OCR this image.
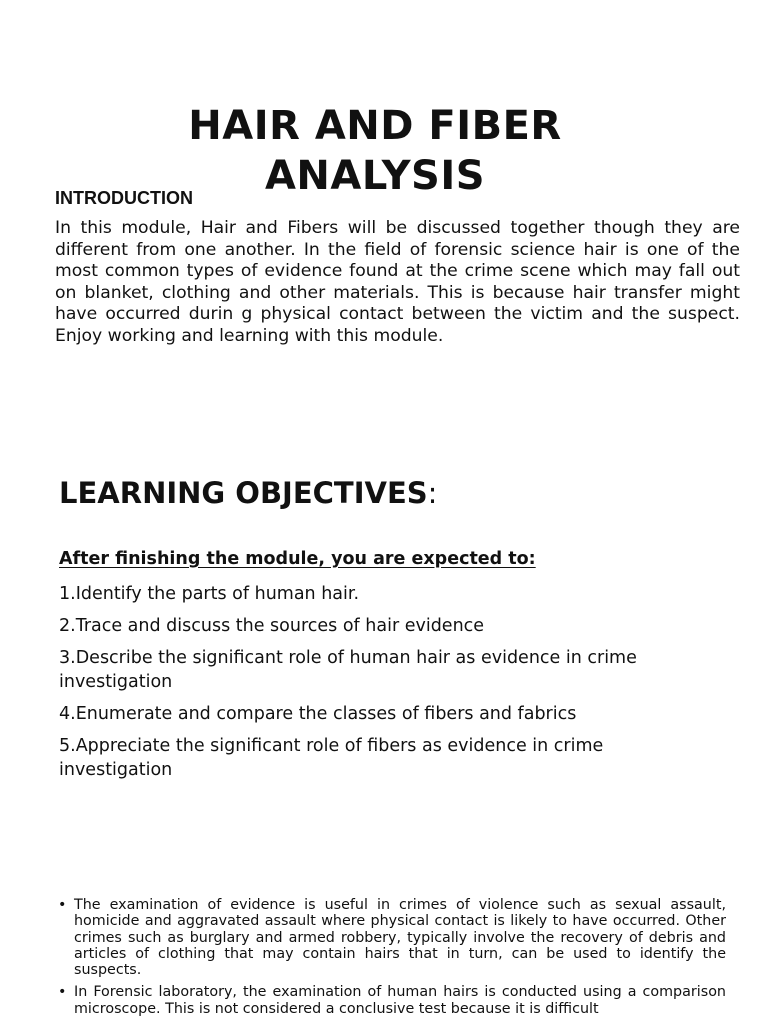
HAIR AND FIBER
ANALYSIS
INTRODUCTION

In this module, Hair and Fibers will be discussed together though they are different from one another. In the field of forensic science hair is one of the most common types of evidence found at the crime scene which may fall out on blanket, clothing and other materials. This is because hair transfer might have occurred durin g physical contact between the victim and the suspect. Enjoy working and learning with this module.

LEARNING OBJECTIVES:
After finishing the module, you are expected to:
1.Identify the parts of human hair.
2.Trace and discuss the sources of hair evidence
3.Describe the significant role of human hair as evidence in crime investigation
4.Enumerate and compare the classes of fibers and fabrics
5.Appreciate the significant role of fibers as evidence in crime investigation
• The examination of evidence is useful in crimes of violence such as sexual assault, homicide and aggravated assault where physical contact is likely to have occurred. Other crimes such as burglary and armed robbery, typically involve the recovery of debris and articles of clothing that may contain hairs that in turn, can be used to identify the suspects.
• In Forensic laboratory, the examination of human hairs is conducted using a comparison microscope. This is not considered a conclusive test because it is difficult
